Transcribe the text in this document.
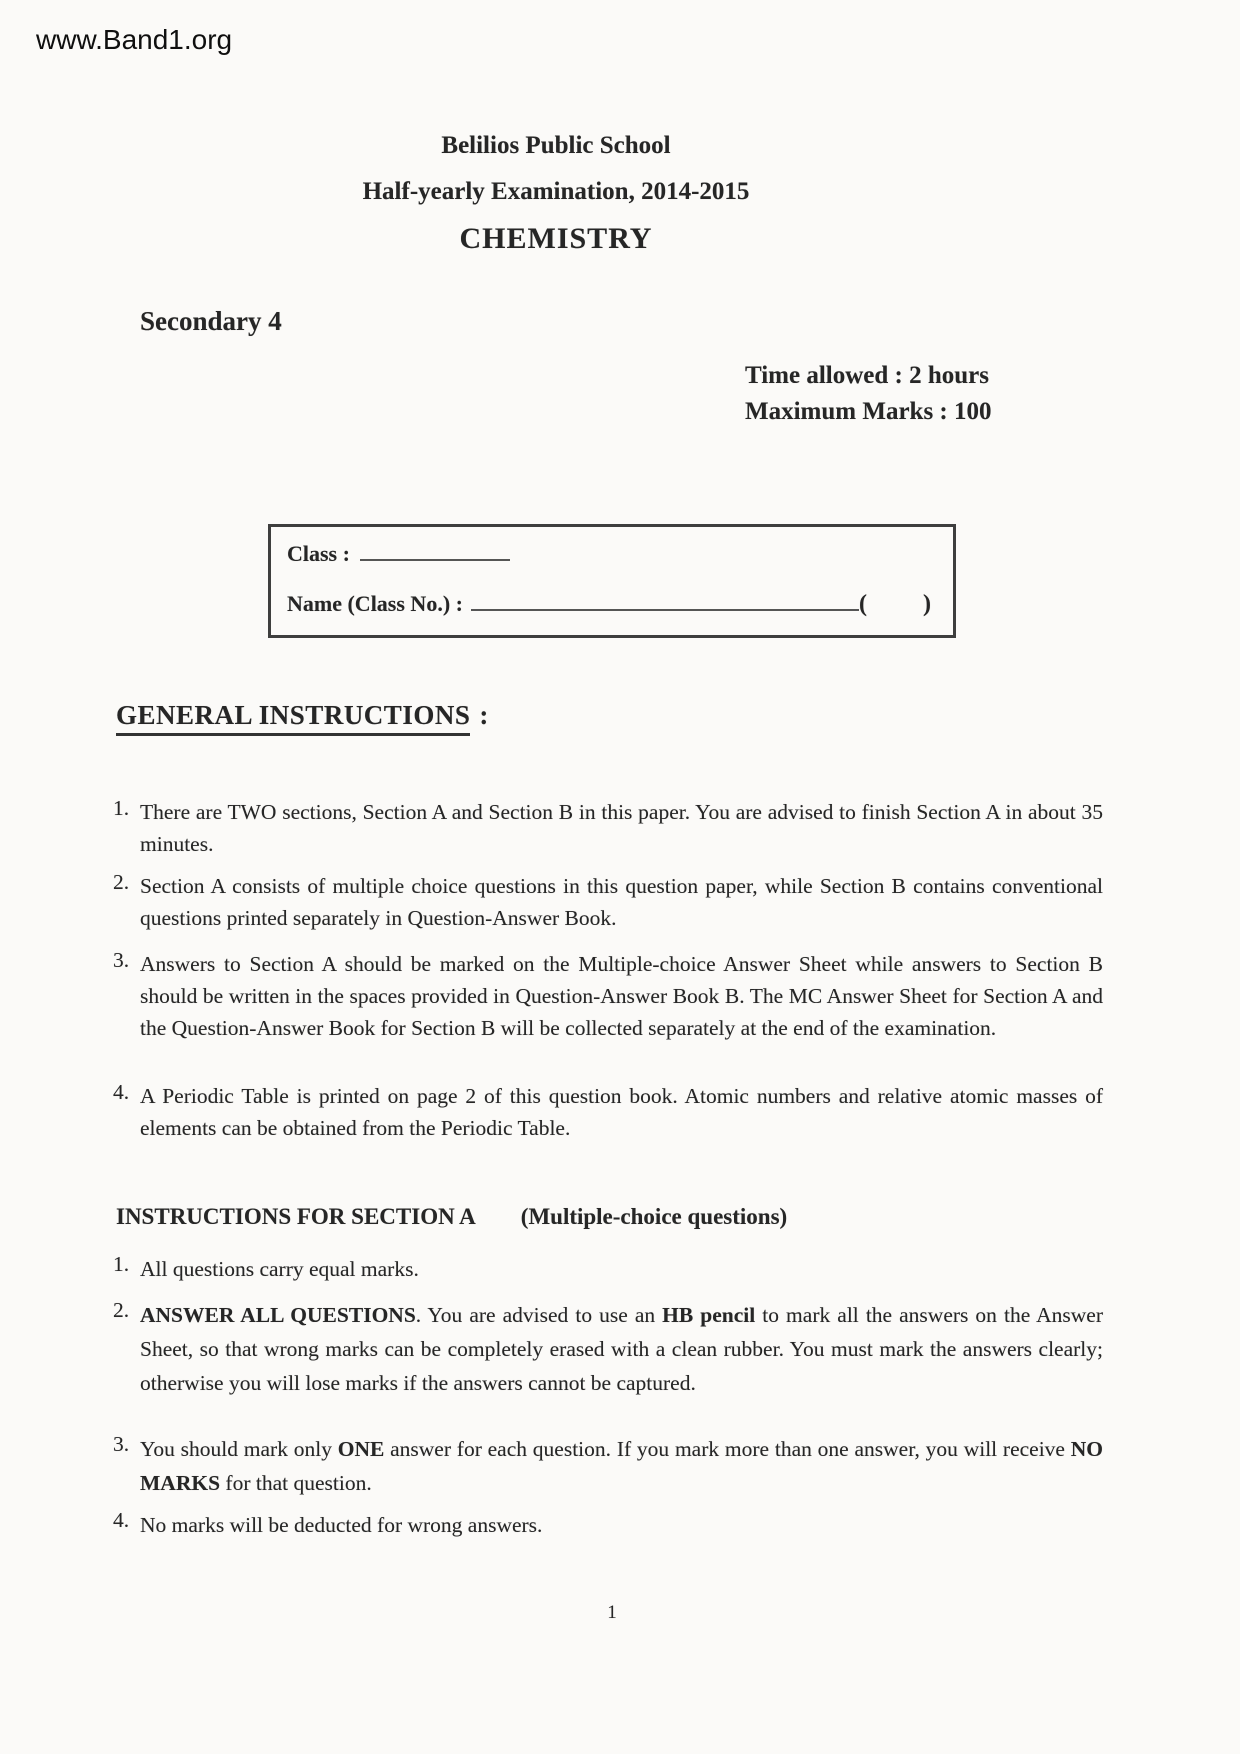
www.Band1.org
Belilios Public School
Half-yearly Examination, 2014-2015
CHEMISTRY
Secondary 4
Time allowed : 2 hours
Maximum Marks : 100
Class :
Name (Class No.) :	( )
GENERAL INSTRUCTIONS :
1. There are TWO sections, Section A and Section B in this paper. You are advised to finish Section A in about 35 minutes.
2. Section A consists of multiple choice questions in this question paper, while Section B contains conventional questions printed separately in Question-Answer Book.
3. Answers to Section A should be marked on the Multiple-choice Answer Sheet while answers to Section B should be written in the spaces provided in Question-Answer Book B. The MC Answer Sheet for Section A and the Question-Answer Book for Section B will be collected separately at the end of the examination.
4. A Periodic Table is printed on page 2 of this question book. Atomic numbers and relative atomic masses of elements can be obtained from the Periodic Table.
INSTRUCTIONS FOR SECTION A (Multiple-choice questions)
1. All questions carry equal marks.
2. ANSWER ALL QUESTIONS. You are advised to use an HB pencil to mark all the answers on the Answer Sheet, so that wrong marks can be completely erased with a clean rubber. You must mark the answers clearly; otherwise you will lose marks if the answers cannot be captured.
3. You should mark only ONE answer for each question. If you mark more than one answer, you will receive NO MARKS for that question.
4. No marks will be deducted for wrong answers.
1
